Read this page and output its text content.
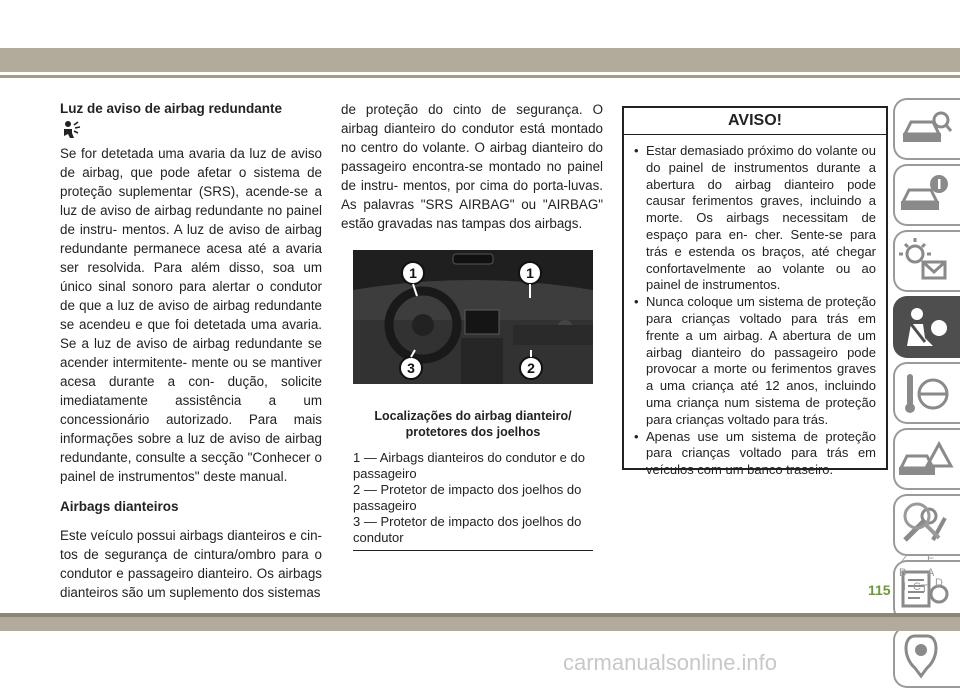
Luz de aviso de airbag redundante

Se for detetada uma avaria da luz de aviso de airbag, que pode afetar o sistema de proteção suplementar (SRS), acende-se a luz de aviso de airbag redundante no painel de instru- mentos. A luz de aviso de airbag redundante permanece acesa até a avaria ser resolvida. Para além disso, soa um único sinal sonoro para alertar o condutor de que a luz de aviso de airbag redundante se acendeu e que foi detetada uma avaria. Se a luz de aviso de airbag redundante se acender intermitente- mente ou se mantiver acesa durante a con- dução, solicite imediatamente assistência a um concessionário autorizado. Para mais informações sobre a luz de aviso de airbag redundante, consulte a secção "Conhecer o painel de instrumentos" deste manual.

Airbags dianteiros

Este veículo possui airbags dianteiros e cin- tos de segurança de cintura/ombro para o condutor e passageiro dianteiro. Os airbags dianteiros são um suplemento dos sistemas

de proteção do cinto de segurança. O airbag dianteiro do condutor está montado no centro do volante. O airbag dianteiro do passageiro encontra-se montado no painel de instru- mentos, por cima do porta-luvas. As palavras "SRS AIRBAG" ou "AIRBAG" estão gravadas nas tampas dos airbags.

1	1
3	2
Localizações do airbag dianteiro/ protetores dos joelhos
1 — Airbags dianteiros do condutor e do passageiro
2 — Protetor de impacto dos joelhos do passageiro
3 — Protetor de impacto dos joelhos do condutor
AVISO!
• Estar demasiado próximo do volante ou do painel de instrumentos durante a abertura do airbag dianteiro pode causar ferimentos graves, incluindo a morte. Os airbags necessitam de espaço para en- cher. Sente-se para trás e estenda os braços, até chegar confortavelmente ao volante ou ao painel de instrumentos.
• Nunca coloque um sistema de proteção para crianças voltado para trás em frente a um airbag. A abertura de um airbag dianteiro do passageiro pode provocar a morte ou ferimentos graves a uma criança até 12 anos, incluindo uma criança num sistema de proteção para crianças voltado para trás.
• Apenas use um sistema de proteção para crianças voltado para trás em veículos com um banco traseiro.
Z E
B A
I C D
T
115
carmanualsonline.info
